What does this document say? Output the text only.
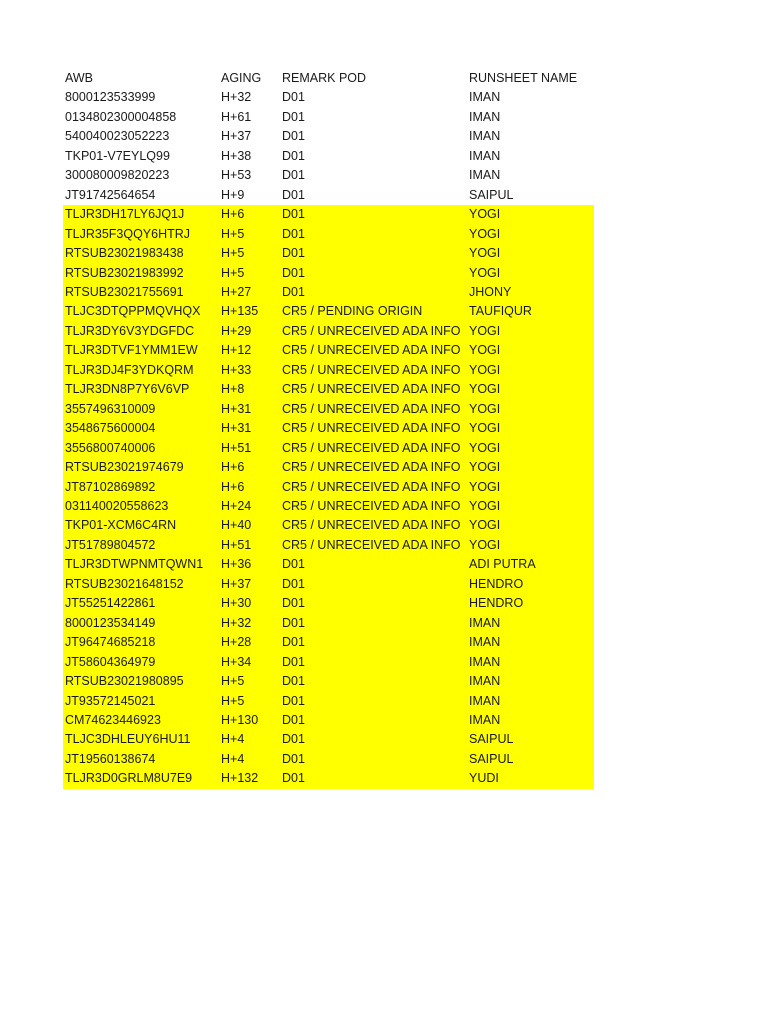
AWB	AGING	REMARK POD	RUNSHEET NAME
8000123533999	H+32	D01	IMAN
0134802300004858	H+61	D01	IMAN
540040023052223	H+37	D01	IMAN
TKP01-V7EYLQ99	H+38	D01	IMAN
300080009820223	H+53	D01	IMAN
JT91742564654	H+9	D01	SAIPUL
TLJR3DH17LY6JQ1J	H+6	D01	YOGI
TLJR35F3QQY6HTRJ	H+5	D01	YOGI
RTSUB23021983438	H+5	D01	YOGI
RTSUB23021983992	H+5	D01	YOGI
RTSUB23021755691	H+27	D01	JHONY
TLJC3DTQPPMQVHQX	H+135	CR5 / PENDING ORIGIN	TAUFIQUR
TLJR3DY6V3YDGFDC	H+29	CR5 / UNRECEIVED ADA INFO	YOGI
TLJR3DTVF1YMM1EW	H+12	CR5 / UNRECEIVED ADA INFO	YOGI
TLJR3DJ4F3YDKQRM	H+33	CR5 / UNRECEIVED ADA INFO	YOGI
TLJR3DN8P7Y6V6VP	H+8	CR5 / UNRECEIVED ADA INFO	YOGI
3557496310009	H+31	CR5 / UNRECEIVED ADA INFO	YOGI
3548675600004	H+31	CR5 / UNRECEIVED ADA INFO	YOGI
3556800740006	H+51	CR5 / UNRECEIVED ADA INFO	YOGI
RTSUB23021974679	H+6	CR5 / UNRECEIVED ADA INFO	YOGI
JT87102869892	H+6	CR5 / UNRECEIVED ADA INFO	YOGI
031140020558623	H+24	CR5 / UNRECEIVED ADA INFO	YOGI
TKP01-XCM6C4RN	H+40	CR5 / UNRECEIVED ADA INFO	YOGI
JT51789804572	H+51	CR5 / UNRECEIVED ADA INFO	YOGI
TLJR3DTWPNMTQWN1	H+36	D01	ADI PUTRA
RTSUB23021648152	H+37	D01	HENDRO
JT55251422861	H+30	D01	HENDRO
8000123534149	H+32	D01	IMAN
JT96474685218	H+28	D01	IMAN
JT58604364979	H+34	D01	IMAN
RTSUB23021980895	H+5	D01	IMAN
JT93572145021	H+5	D01	IMAN
CM74623446923	H+130	D01	IMAN
TLJC3DHLEUY6HU11	H+4	D01	SAIPUL
JT19560138674	H+4	D01	SAIPUL
TLJR3D0GRLM8U7E9	H+132	D01	YUDI
